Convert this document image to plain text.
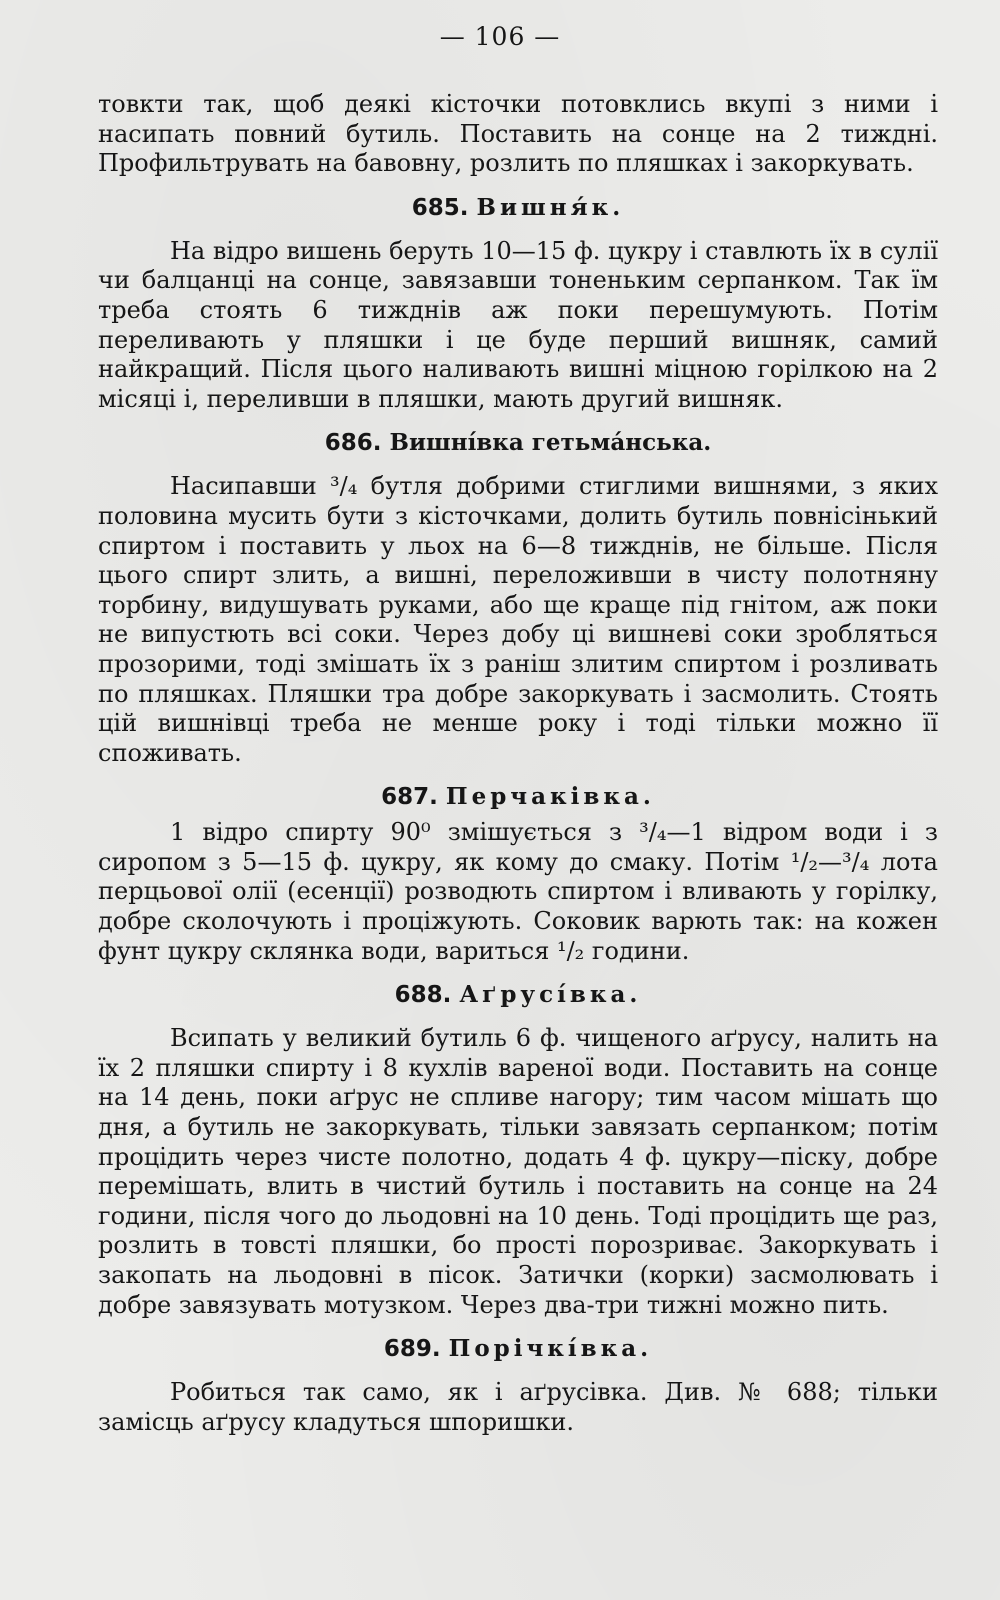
— 106 —

товкти так, щоб деякі кісточки потовклись вкупі з ними і насипать повний бутиль. Поставить на сонце на 2 тиждні. Профильтрувать на бавовну, розлить по пляшках і закоркувать.

685. Вишня́к.

На відро вишень беруть 10—15 ф. цукру і ставлють їх в сулії чи балцанці на сонце, завязавши тоненьким серпанком. Так їм треба стоять 6 тижднів аж поки перешумують. Потім переливають у пляшки і це буде перший вишняк, самий найкращий. Після цього наливають вишні міцною горілкою на 2 місяці і, переливши в пляшки, мають другий вишняк.

686. Вишні́вка гетьма́нська.

Насипавши ³/₄ бутля добрими стиглими вишнями, з яких половина мусить бути з кісточками, долить бутиль повнісінький спиртом і поставить у льох на 6—8 тижднів, не більше. Після цього спирт злить, а вишні, переложивши в чисту полотняну торбину, видушувать руками, або ще краще під гнітом, аж поки не випустють всі соки. Через добу ці вишневі соки зробляться прозорими, тоді змішать їх з раніш злитим спиртом і розливать по пляшках. Пляшки тра добре закоркувать і засмолить. Стоять цій вишнівці треба не менше року і тоді тільки можно її споживать.

687. Перчаківка.

1 відро спирту 90⁰ змішується з ³/₄—1 відром води і з сиропом з 5—15 ф. цукру, як кому до смаку. Потім ¹/₂—³/₄ лота перцьової олії (есенції) розводють спиртом і вливають у горілку, добре сколочують і проціжують. Соковик варють так: на кожен фунт цукру склянка води, вариться ¹/₂ години.

688. Аґрусі́вка.

Всипать у великий бутиль 6 ф. чищеного аґрусу, налить на їх 2 пляшки спирту і 8 кухлів вареної води. Поставить на сонце на 14 день, поки аґрус не спливе нагору; тим часом мішать що дня, а бутиль не закоркувать, тільки завязать серпанком; потім процідить через чисте полотно, додать 4 ф. цукру—піску, добре перемішать, влить в чистий бутиль і поставить на сонце на 24 години, після чого до льодовні на 10 день. Тоді процідить ще раз, розлить в товсті пляшки, бо прості порозриває. Закоркувать і закопать на льодовні в пісок. Затички (корки) засмолювать і добре завязувать мотузком. Через два-три тижні можно пить.

689. Порічкі́вка.

Робиться так само, як і аґрусівка. Див. № 688; тільки замісць аґрусу кладуться шпоришки.
